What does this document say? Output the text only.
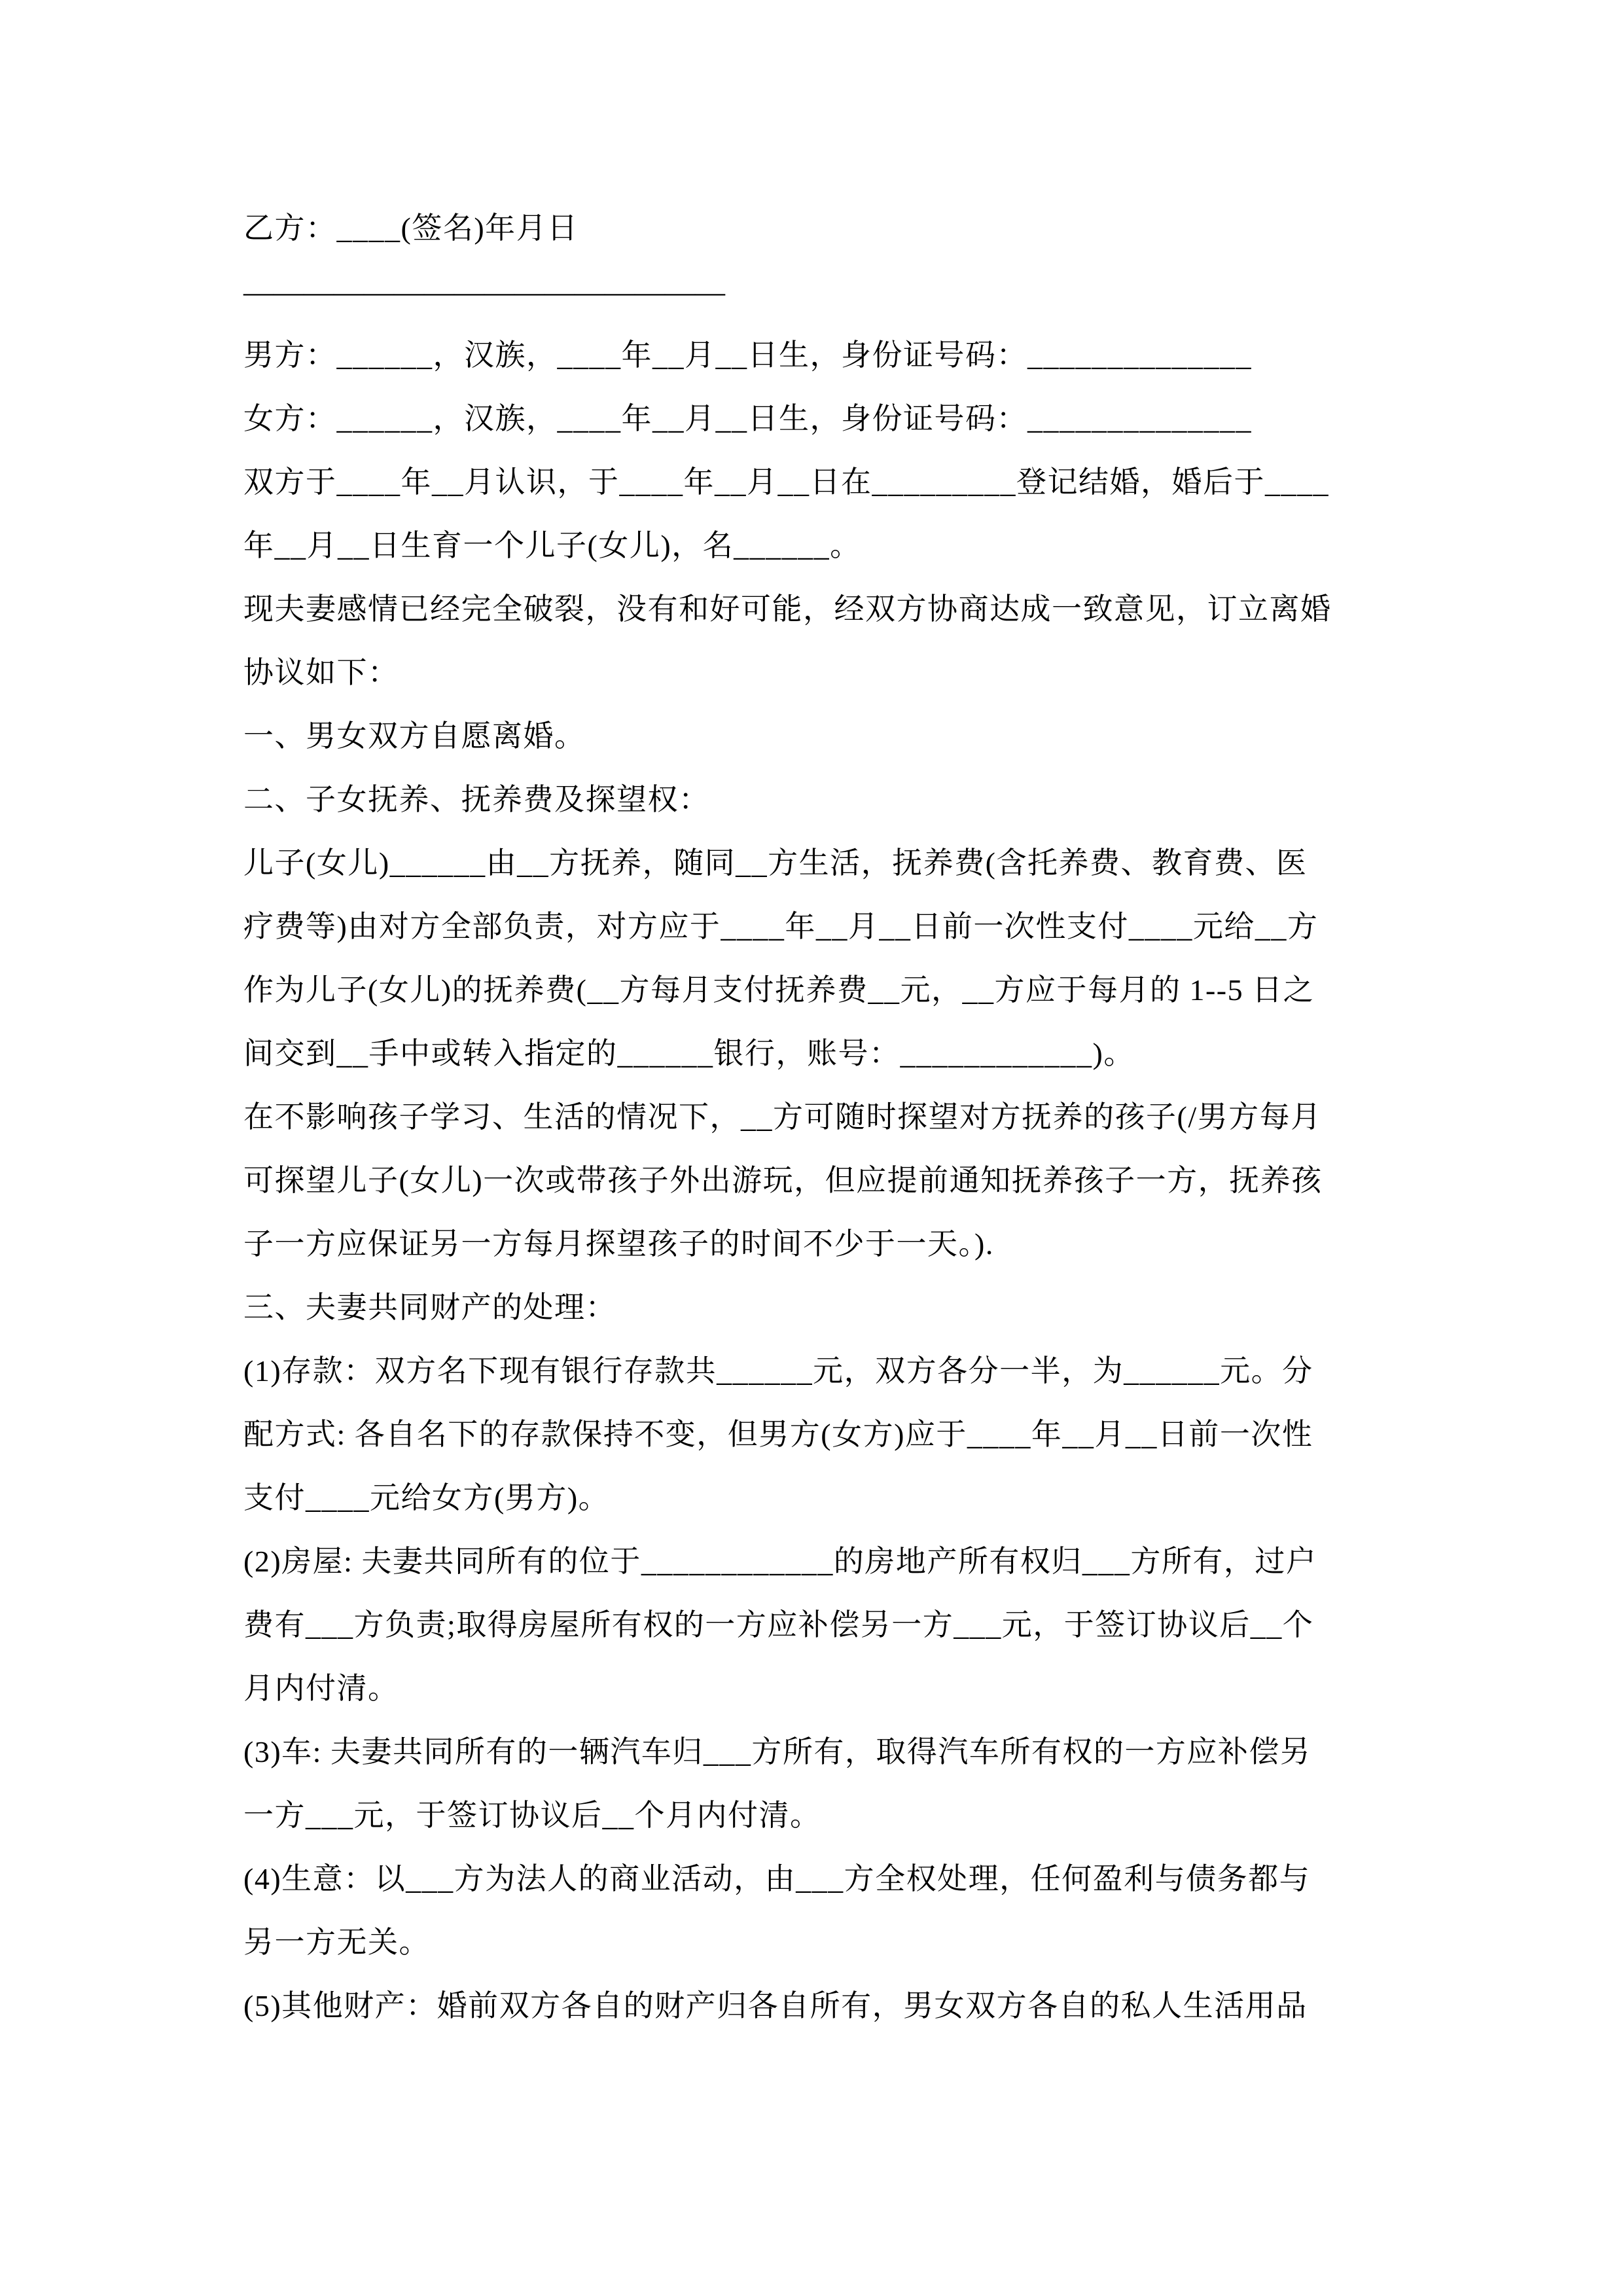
乙方：____(签名)年月日
————————————————
男方：______，汉族，____年__月__日生，身份证号码：______________
女方：______，汉族，____年__月__日生，身份证号码：______________
双方于____年__月认识，于____年__月__日在_________登记结婚，婚后于____
年__月__日生育一个儿子(女儿)，名______。
现夫妻感情已经完全破裂，没有和好可能，经双方协商达成一致意见，订立离婚
协议如下：
一、男女双方自愿离婚。
二、子女抚养、抚养费及探望权：
儿子(女儿)______由__方抚养，随同__方生活，抚养费(含托养费、教育费、医
疗费等)由对方全部负责，对方应于____年__月__日前一次性支付____元给__方
作为儿子(女儿)的抚养费(__方每月支付抚养费__元，__方应于每月的 1--5 日之
间交到__手中或转入指定的______银行，账号：____________)。
在不影响孩子学习、生活的情况下，__方可随时探望对方抚养的孩子(/男方每月
可探望儿子(女儿)一次或带孩子外出游玩，但应提前通知抚养孩子一方，抚养孩
子一方应保证另一方每月探望孩子的时间不少于一天。).
三、夫妻共同财产的处理：
(1)存款：双方名下现有银行存款共______元，双方各分一半，为______元。分
配方式: 各自名下的存款保持不变，但男方(女方)应于____年__月__日前一次性
支付____元给女方(男方)。
(2)房屋: 夫妻共同所有的位于____________的房地产所有权归___方所有，过户
费有___方负责;取得房屋所有权的一方应补偿另一方___元，于签订协议后__个
月内付清。
(3)车: 夫妻共同所有的一辆汽车归___方所有，取得汽车所有权的一方应补偿另
一方___元，于签订协议后__个月内付清。
(4)生意：以___方为法人的商业活动，由___方全权处理，任何盈利与债务都与
另一方无关。
(5)其他财产：婚前双方各自的财产归各自所有，男女双方各自的私人生活用品
